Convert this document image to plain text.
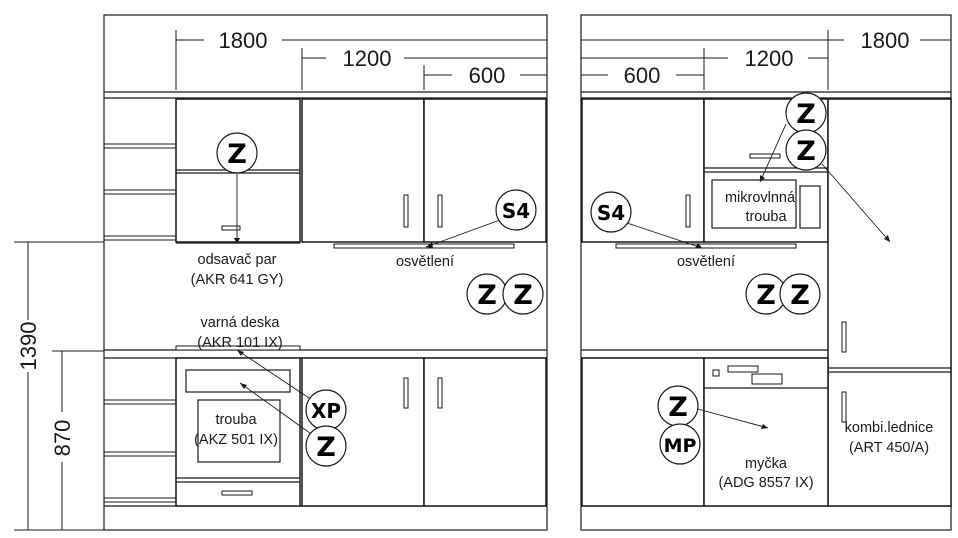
1800
1200
600
1390
870
1800
1200
600
odsavač par
(AKR 641 GY)
osvětlení	osvětlení
varná deska
(AKR 101 IX)
trouba
(AKZ 501 IX)
mikrovlnná
trouba
myčka
(ADG 8557 IX)
kombi.lednice
(ART 450/A)
Z
S4
Z Z
XP
Z
S4
Z
Z
Z Z
Z
MP
